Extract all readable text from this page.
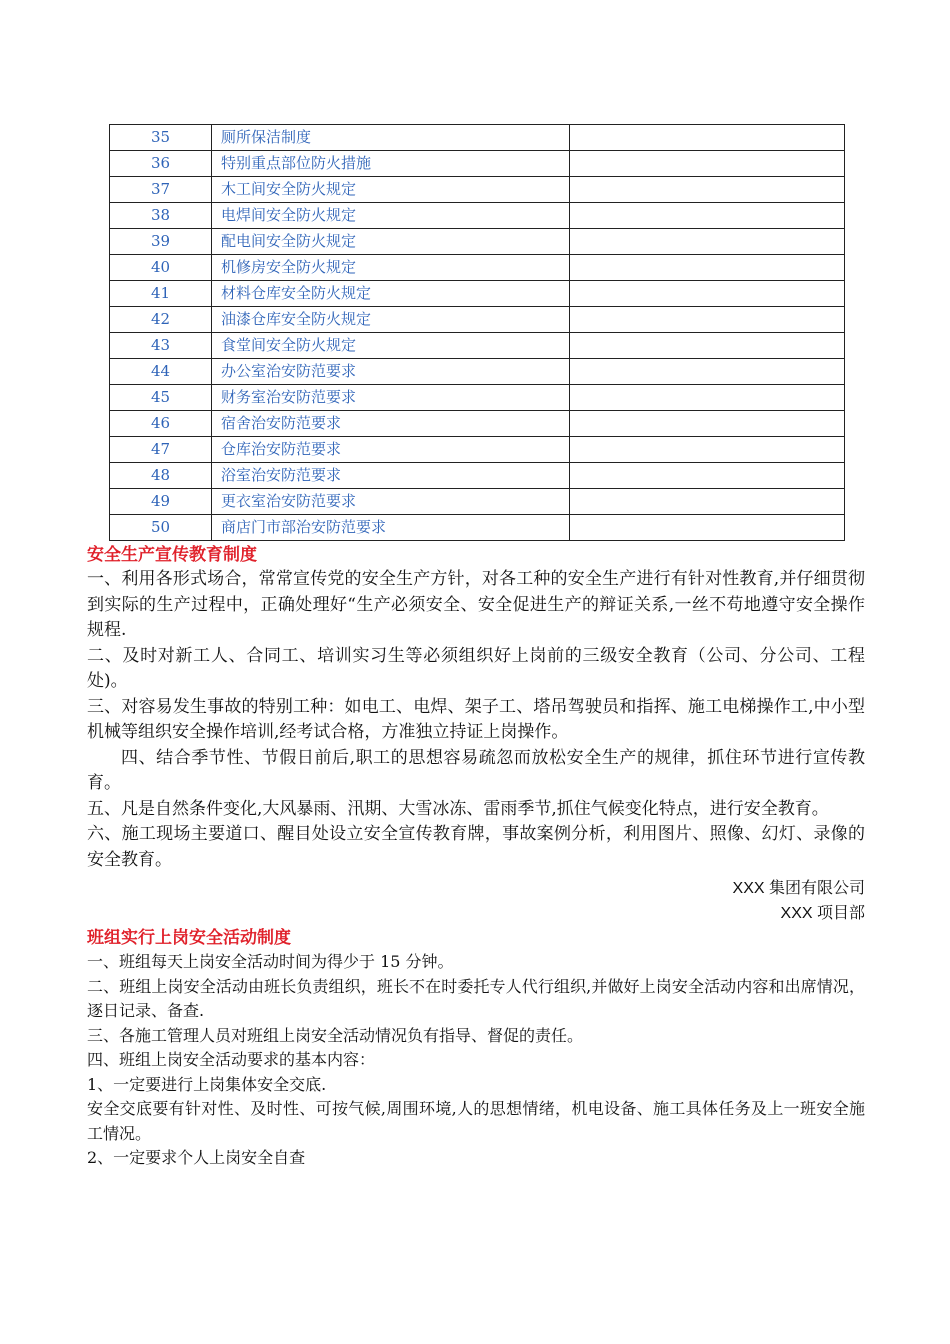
35	厕所保洁制度	
36	特别重点部位防火措施	
37	木工间安全防火规定	
38	电焊间安全防火规定	
39	配电间安全防火规定	
40	机修房安全防火规定	
41	材料仓库安全防火规定	
42	油漆仓库安全防火规定	
43	食堂间安全防火规定	
44	办公室治安防范要求	
45	财务室治安防范要求	
46	宿舍治安防范要求	
47	仓库治安防范要求	
48	浴室治安防范要求	
49	更衣室治安防范要求	
50	商店门市部治安防范要求	

安全生产宣传教育制度

一、利用各形式场合，常常宣传党的安全生产方针，对各工种的安全生产进行有针对性教育,并仔细贯彻到实际的生产过程中，正确处理好“生产必须安全、安全促进生产的辩证关系,一丝不苟地遵守安全操作规程.

二、及时对新工人、合同工、培训实习生等必须组织好上岗前的三级安全教育（公司、分公司、工程处)。

三、对容易发生事故的特别工种：如电工、电焊、架子工、塔吊驾驶员和指挥、施工电梯操作工,中小型机械等组织安全操作培训,经考试合格，方准独立持证上岗操作。

四、结合季节性、节假日前后,职工的思想容易疏忽而放松安全生产的规律，抓住环节进行宣传教育。

五、凡是自然条件变化,大风暴雨、汛期、大雪冰冻、雷雨季节,抓住气候变化特点，进行安全教育。

六、施工现场主要道口、醒目处设立安全宣传教育牌，事故案例分析，利用图片、照像、幻灯、录像的安全教育。

XXX 集团有限公司

XXX 项目部

班组实行上岗安全活动制度

一、班组每天上岗安全活动时间为得少于 15 分钟。

二、班组上岗安全活动由班长负责组织，班长不在时委托专人代行组织,并做好上岗安全活动内容和出席情况，逐日记录、备查.

三、各施工管理人员对班组上岗安全活动情况负有指导、督促的责任。

四、班组上岗安全活动要求的基本内容：

1、一定要进行上岗集体安全交底.

安全交底要有针对性、及时性、可按气候,周围环境,人的思想情绪，机电设备、施工具体任务及上一班安全施工情况。

2、一定要求个人上岗安全自查
